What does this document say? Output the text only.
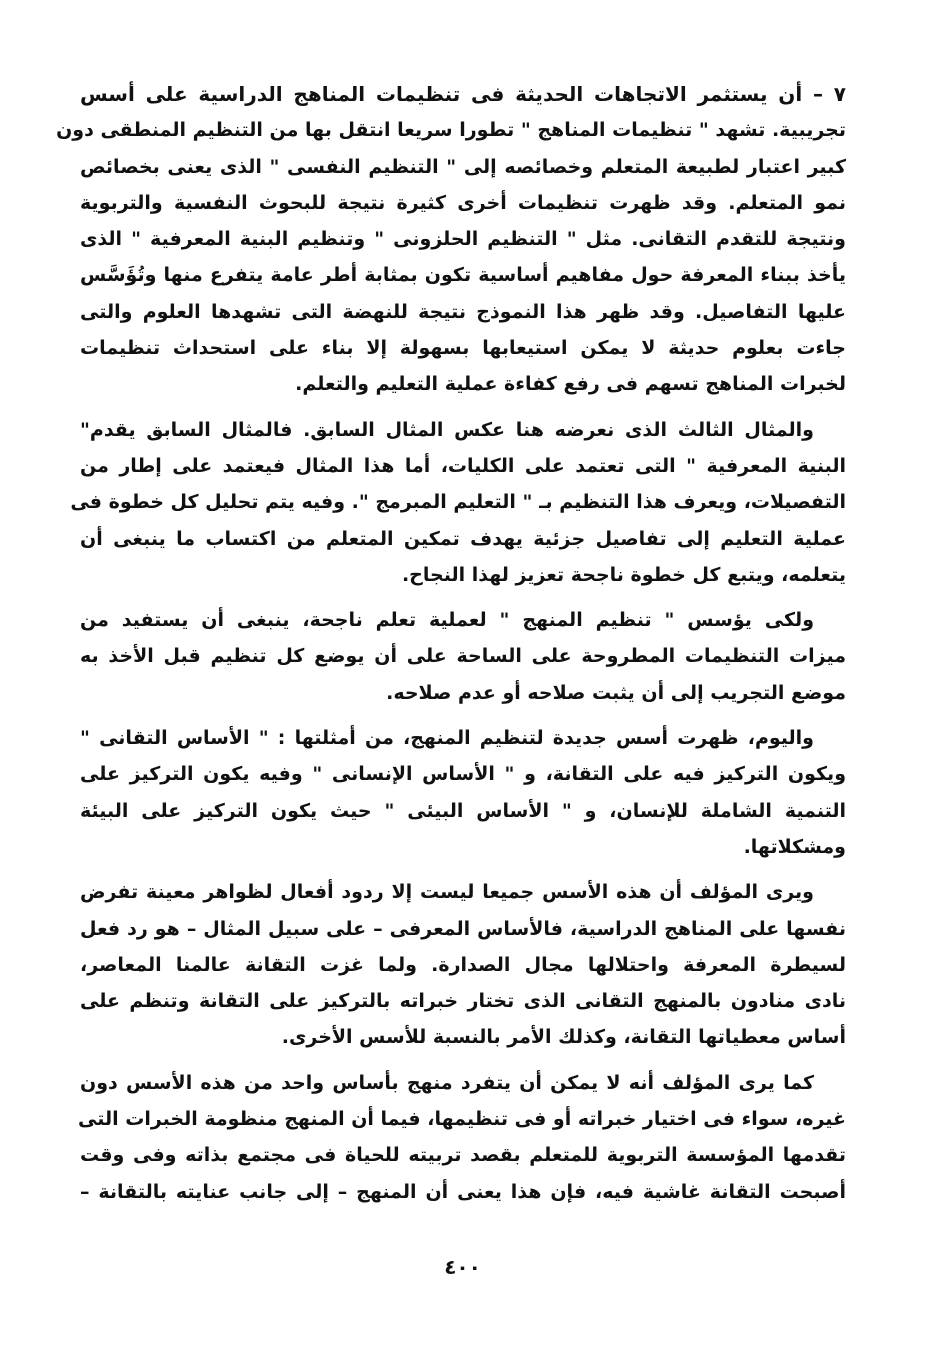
٧ – أن يستثمر الاتجاهات الحديثة فى تنظيمات المناهج الدراسية على أسس
تجريبية. تشهد " تنظيمات المناهج " تطورا سريعا انتقل بها من التنظيم المنطقى دون
كبير اعتبار لطبيعة المتعلم وخصائصه إلى " التنظيم النفسى " الذى يعنى بخصائص
نمو المتعلم. وقد ظهرت تنظيمات أخرى كثيرة نتيجة للبحوث النفسية والتربوية
ونتيجة للتقدم التقانى. مثل " التنظيم الحلزونى " وتنظيم البنية المعرفية " الذى
يأخذ ببناء المعرفة حول مفاهيم أساسية تكون بمثابة أطر عامة يتفرع منها وتُؤَسَّس
عليها التفاصيل. وقد ظهر هذا النموذج نتيجة للنهضة التى تشهدها العلوم والتى
جاءت بعلوم حديثة لا يمكن استيعابها بسهولة إلا بناء على استحداث تنظيمات
لخبرات المناهج تسهم فى رفع كفاءة عملية التعليم والتعلم.
والمثال الثالث الذى نعرضه هنا عكس المثال السابق. فالمثال السابق يقدم"
البنية المعرفية " التى تعتمد على الكليات، أما هذا المثال فيعتمد على إطار من
التفصيلات، ويعرف هذا التنظيم بـ " التعليم المبرمج ". وفيه يتم تحليل كل خطوة فى
عملية التعليم إلى تفاصيل جزئية يهدف تمكين المتعلم من اكتساب ما ينبغى أن
يتعلمه، ويتبع كل خطوة ناجحة تعزيز لهذا النجاح.
ولكى يؤسس " تنظيم المنهج " لعملية تعلم ناجحة، ينبغى أن يستفيد من
ميزات التنظيمات المطروحة على الساحة على أن يوضع كل تنظيم قبل الأخذ به
موضع التجريب إلى أن يثبت صلاحه أو عدم صلاحه.
واليوم، ظهرت أسس جديدة لتنظيم المنهج، من أمثلتها : " الأساس التقانى "
ويكون التركيز فيه على التقانة، و " الأساس الإنسانى " وفيه يكون التركيز على
التنمية الشاملة للإنسان، و " الأساس البيئى " حيث يكون التركيز على البيئة
ومشكلاتها.
ويرى المؤلف أن هذه الأسس جميعا ليست إلا ردود أفعال لظواهر معينة تفرض
نفسها على المناهج الدراسية، فالأساس المعرفى – على سبيل المثال – هو رد فعل
لسيطرة المعرفة واحتلالها مجال الصدارة. ولما غزت التقانة عالمنا المعاصر،
نادى منادون بالمنهج التقانى الذى تختار خبراته بالتركيز على التقانة وتنظم على
أساس معطياتها التقانة، وكذلك الأمر بالنسبة للأسس الأخرى.
كما يرى المؤلف أنه لا يمكن أن يتفرد منهج بأساس واحد من هذه الأسس دون
غيره، سواء فى اختيار خبراته أو فى تنظيمها، فيما أن المنهج منظومة الخبرات التى
تقدمها المؤسسة التربوية للمتعلم بقصد تربيته للحياة فى مجتمع بذاته وفى وقت
أصبحت التقانة غاشية فيه، فإن هذا يعنى أن المنهج – إلى جانب عنايته بالتقانة –
٤٠٠
